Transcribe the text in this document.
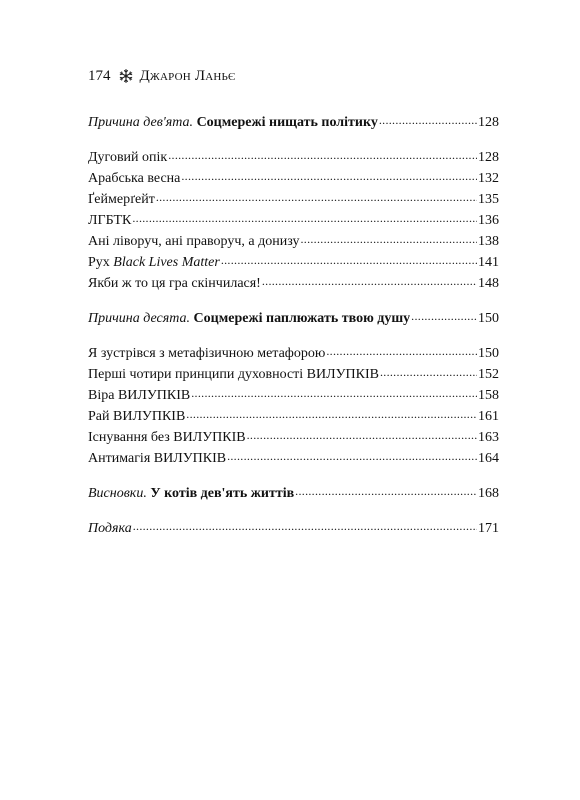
174 Джарон Ланьє
Причина дев'ята. Соцмережі нищать політику .....	128
Дуговий опік .....	128
Арабська весна .....	132
Ґеймерґейт .....	135
ЛГБТК .....	136
Ані ліворуч, ані праворуч, а донизу .....	138
Рух Black Lives Matter .....	141
Якби ж то ця гра скінчилася! .....	148
Причина десята. Соцмережі паплюжать твою душу .....	150
Я зустрівся з метафізичною метафорою .....	150
Перші чотири принципи духовності ВИЛУПКІВ .....	152
Віра ВИЛУПКІВ .....	158
Рай ВИЛУПКІВ .....	161
Існування без ВИЛУПКІВ .....	163
Антимагія ВИЛУПКІВ .....	164
Висновки. У котів дев'ять життів .....	168
Подяка .....	171
